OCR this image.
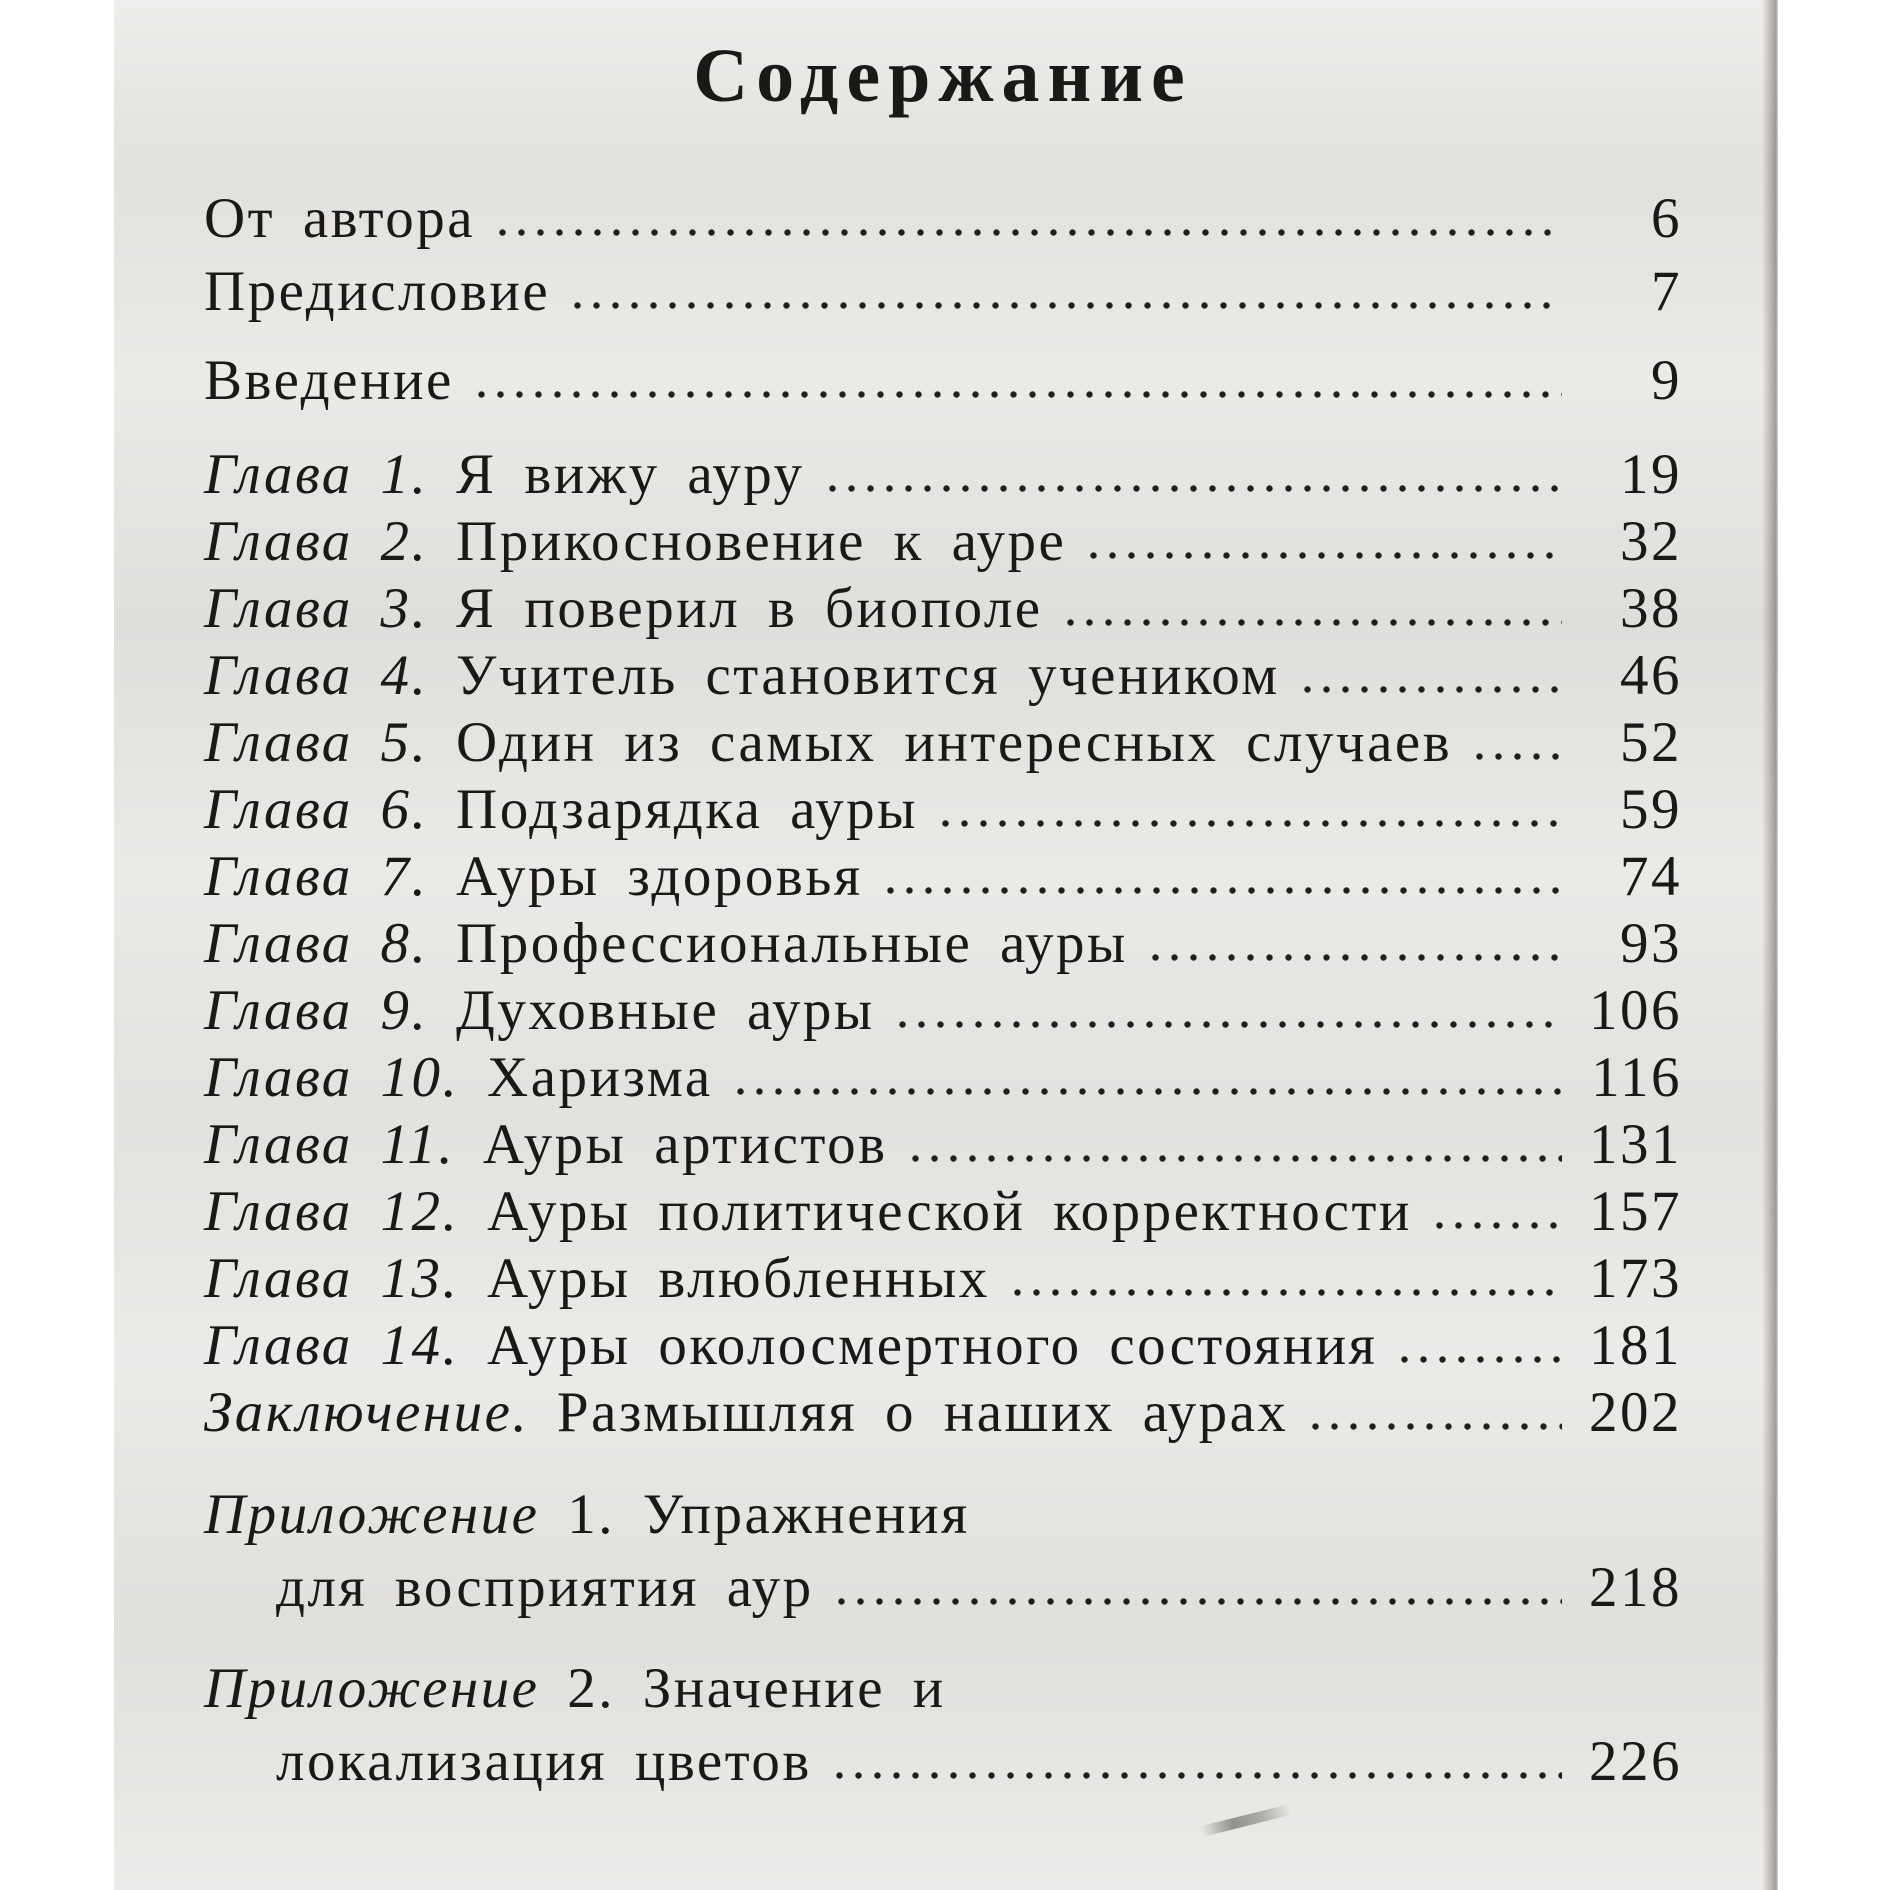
Содержание
От автора	6
Предисловие	7
Введение	9
Глава 1. Я вижу ауру	19
Глава 2. Прикосновение к ауре	32
Глава 3. Я поверил в биополе	38
Глава 4. Учитель становится учеником	46
Глава 5. Один из самых интересных случаев	52
Глава 6. Подзарядка ауры	59
Глава 7. Ауры здоровья	74
Глава 8. Профессиональные ауры	93
Глава 9. Духовные ауры	106
Глава 10. Харизма	116
Глава 11. Ауры артистов	131
Глава 12. Ауры политической корректности	157
Глава 13. Ауры влюбленных	173
Глава 14. Ауры околосмертного состояния	181
Заключение. Размышляя о наших аурах	202
Приложение 1. Упражнения
для восприятия аур	218
Приложение 2. Значение и
локализация цветов	226
